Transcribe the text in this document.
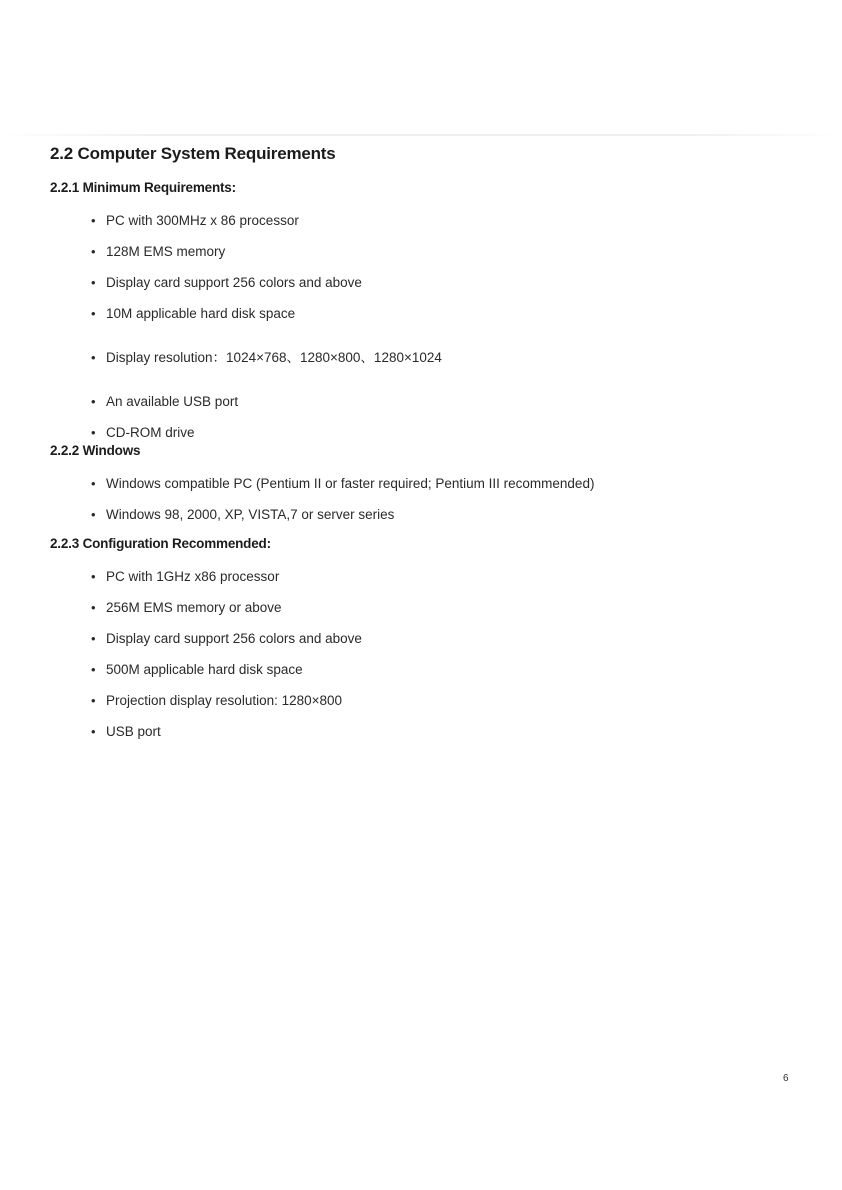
2.2 Computer System Requirements
2.2.1 Minimum Requirements:
• PC with 300MHz x 86 processor
• 128M EMS memory
• Display card support 256 colors and above
• 10M applicable hard disk space
• Display resolution：1024×768、1280×800、1280×1024
• An available USB port
• CD-ROM drive
2.2.2 Windows
• Windows compatible PC (Pentium II or faster required; Pentium III recommended)
• Windows 98, 2000, XP, VISTA,7 or server series
2.2.3 Configuration Recommended:
• PC with 1GHz x86 processor
• 256M EMS memory or above
• Display card support 256 colors and above
• 500M applicable hard disk space
• Projection display resolution: 1280×800
• USB port
6
